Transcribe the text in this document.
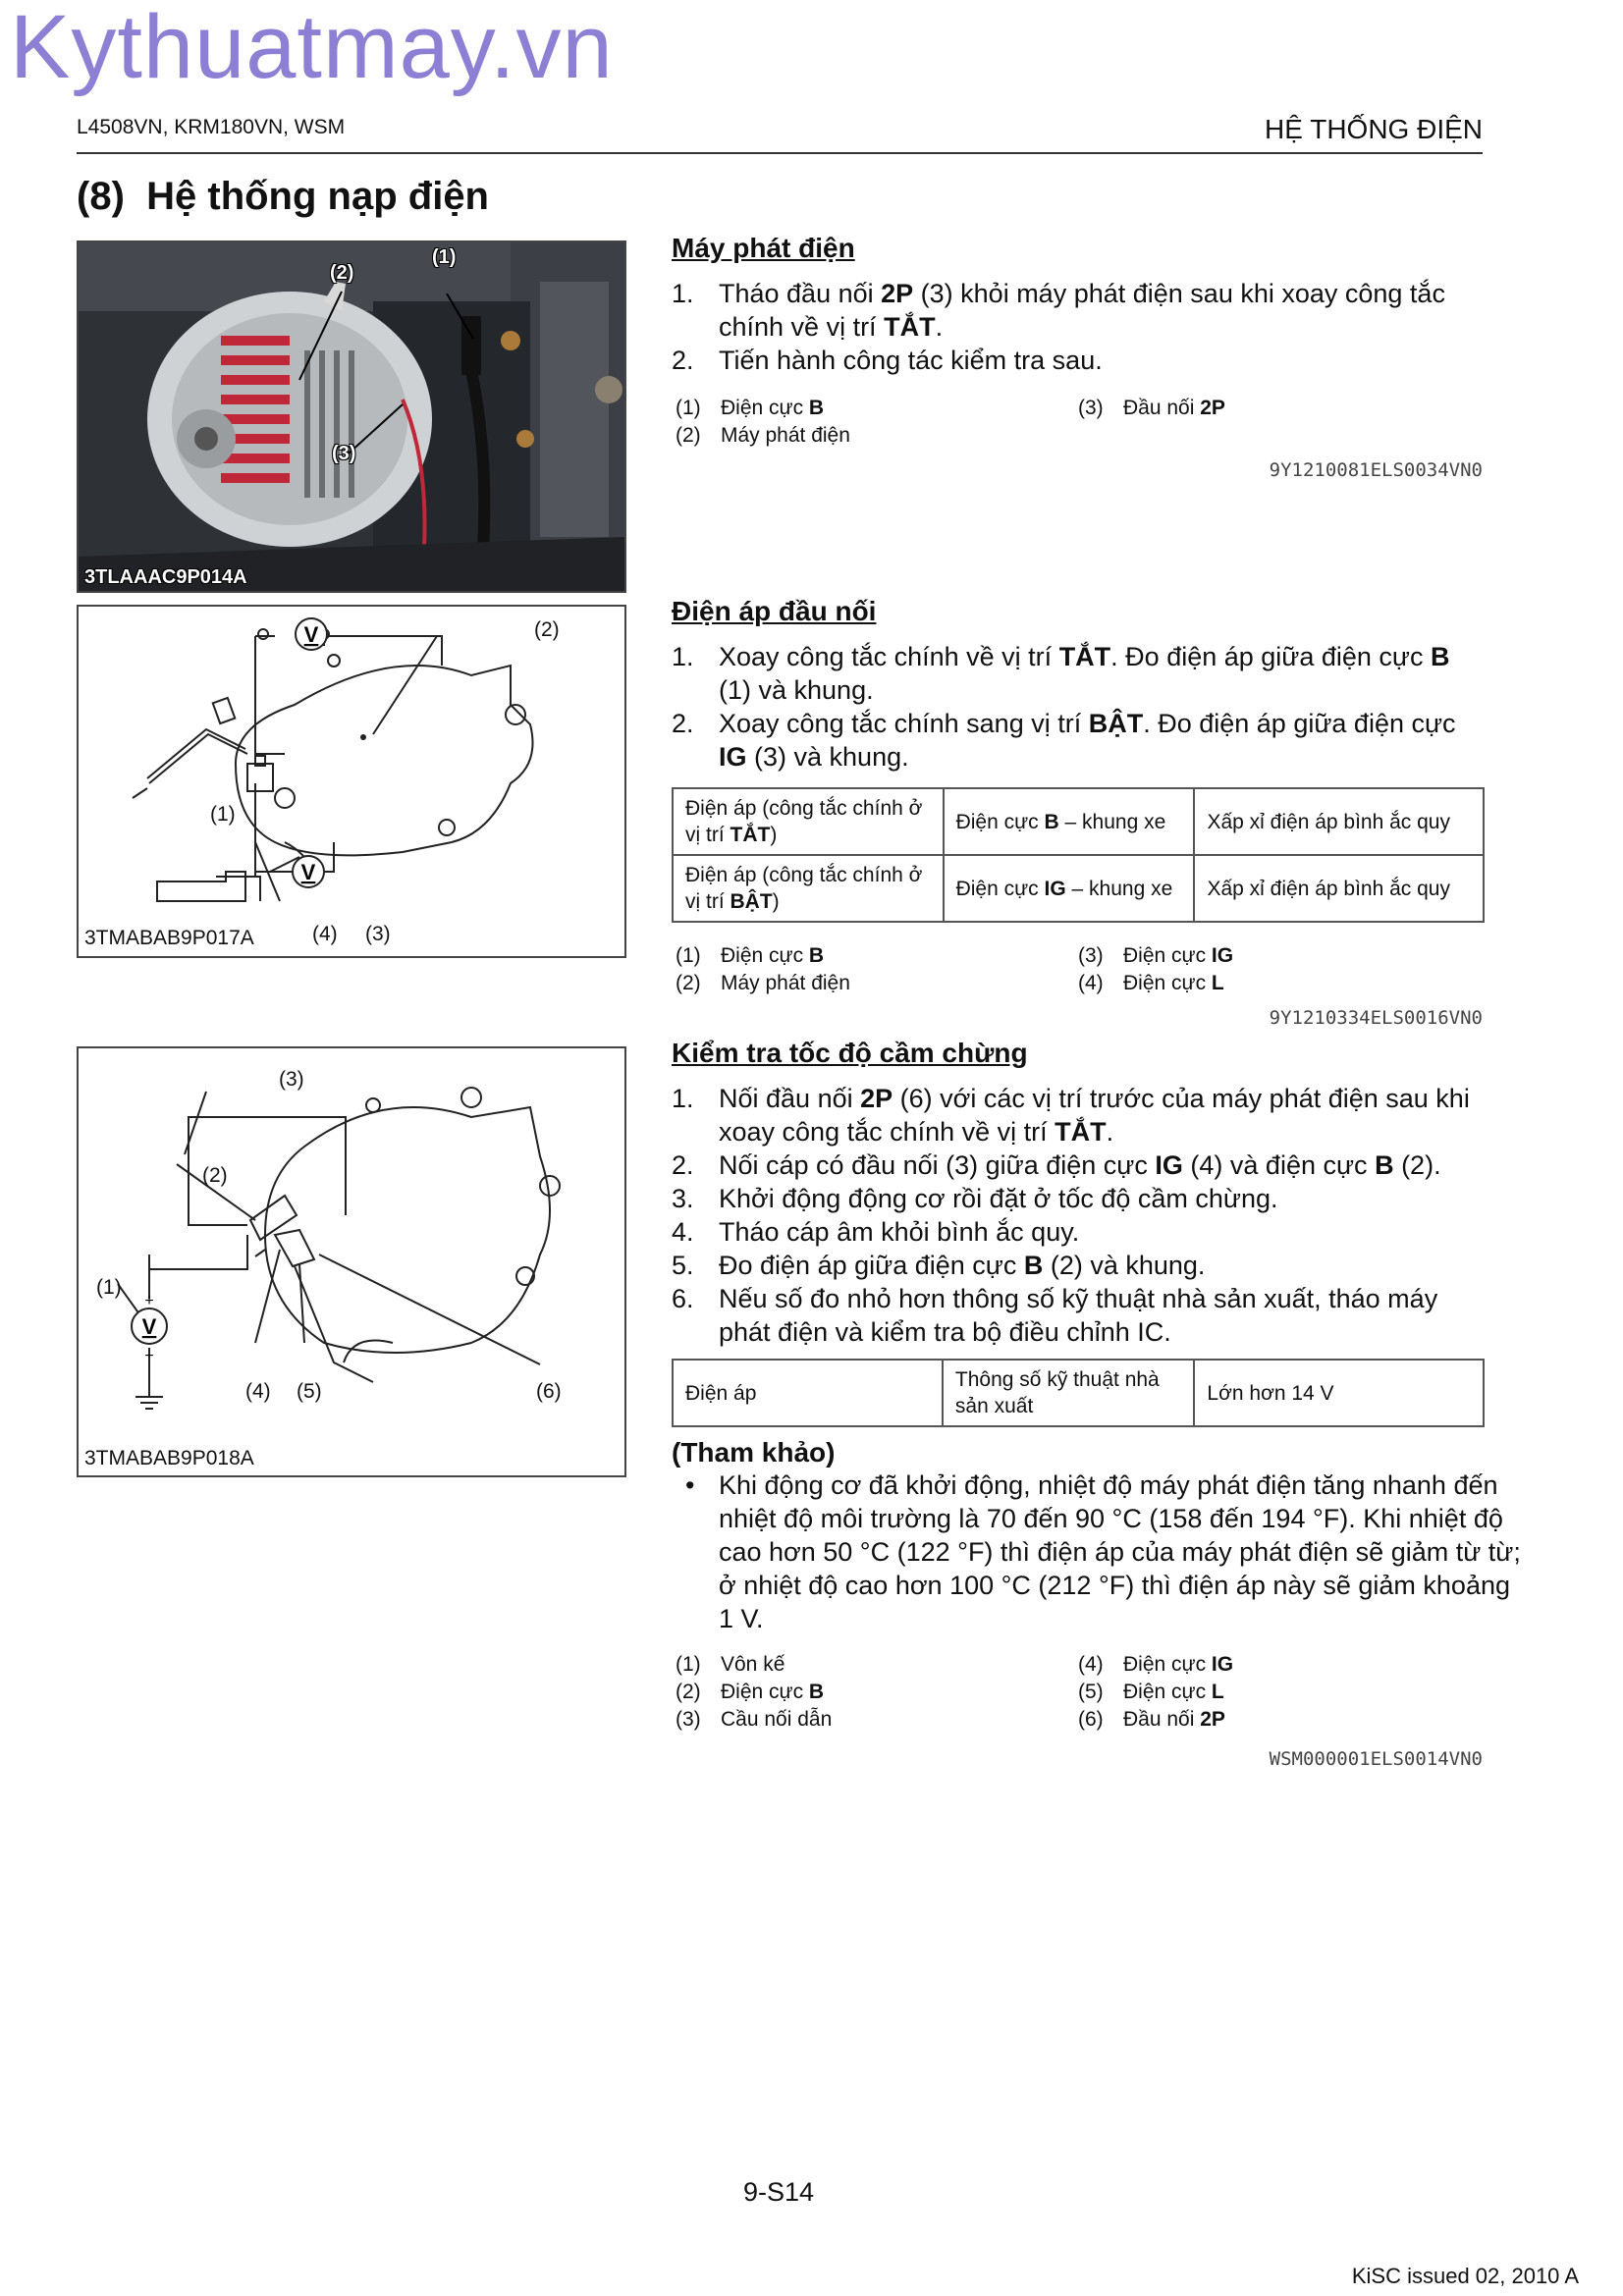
Kythuatmay.vn
L4508VN, KRM180VN, WSM	HỆ THỐNG ĐIỆN
(8) Hệ thống nạp điện
(2)
(1)
(3)
3TLAAAC9P014A
V
V
(2)
(1)
(4) (3)
3TMABAB9P017A
V
+
−
(3)
(2)
(1)
(4) (5)	(6)
3TMABAB9P018A
Máy phát điện
1. Tháo đầu nối 2P (3) khỏi máy phát điện sau khi xoay công tắc chính về vị trí TẮT.
2. Tiến hành công tác kiểm tra sau.
(1) Điện cực B
(2) Máy phát điện
(3) Đầu nối 2P
9Y1210081ELS0034VN0
Điện áp đầu nối
1. Xoay công tắc chính về vị trí TẮT. Đo điện áp giữa điện cực B (1) và khung.
2. Xoay công tắc chính sang vị trí BẬT. Đo điện áp giữa điện cực IG (3) và khung.
Điện áp (công tắc chính ở vị trí TẮT)	Điện cực B – khung xe	Xấp xỉ điện áp bình ắc quy
Điện áp (công tắc chính ở vị trí BẬT)	Điện cực IG – khung xe	Xấp xỉ điện áp bình ắc quy
(1) Điện cực B
(2) Máy phát điện
(3) Điện cực IG
(4) Điện cực L
9Y1210334ELS0016VN0
Kiểm tra tốc độ cầm chừng
1. Nối đầu nối 2P (6) với các vị trí trước của máy phát điện sau khi xoay công tắc chính về vị trí TẮT.
2. Nối cáp có đầu nối (3) giữa điện cực IG (4) và điện cực B (2).
3. Khởi động động cơ rồi đặt ở tốc độ cầm chừng.
4. Tháo cáp âm khỏi bình ắc quy.
5. Đo điện áp giữa điện cực B (2) và khung.
6. Nếu số đo nhỏ hơn thông số kỹ thuật nhà sản xuất, tháo máy phát điện và kiểm tra bộ điều chỉnh IC.
Điện áp	Thông số kỹ thuật nhà sản xuất	Lớn hơn 14 V
(Tham khảo)
• Khi động cơ đã khởi động, nhiệt độ máy phát điện tăng nhanh đến nhiệt độ môi trường là 70 đến 90 °C (158 đến 194 °F). Khi nhiệt độ cao hơn 50 °C (122 °F) thì điện áp của máy phát điện sẽ giảm từ từ; ở nhiệt độ cao hơn 100 °C (212 °F) thì điện áp này sẽ giảm khoảng 1 V.
(1) Vôn kế
(2) Điện cực B
(3) Cầu nối dẫn
(4) Điện cực IG
(5) Điện cực L
(6) Đầu nối 2P
WSM000001ELS0014VN0
9-S14
KiSC issued 02, 2010 A
